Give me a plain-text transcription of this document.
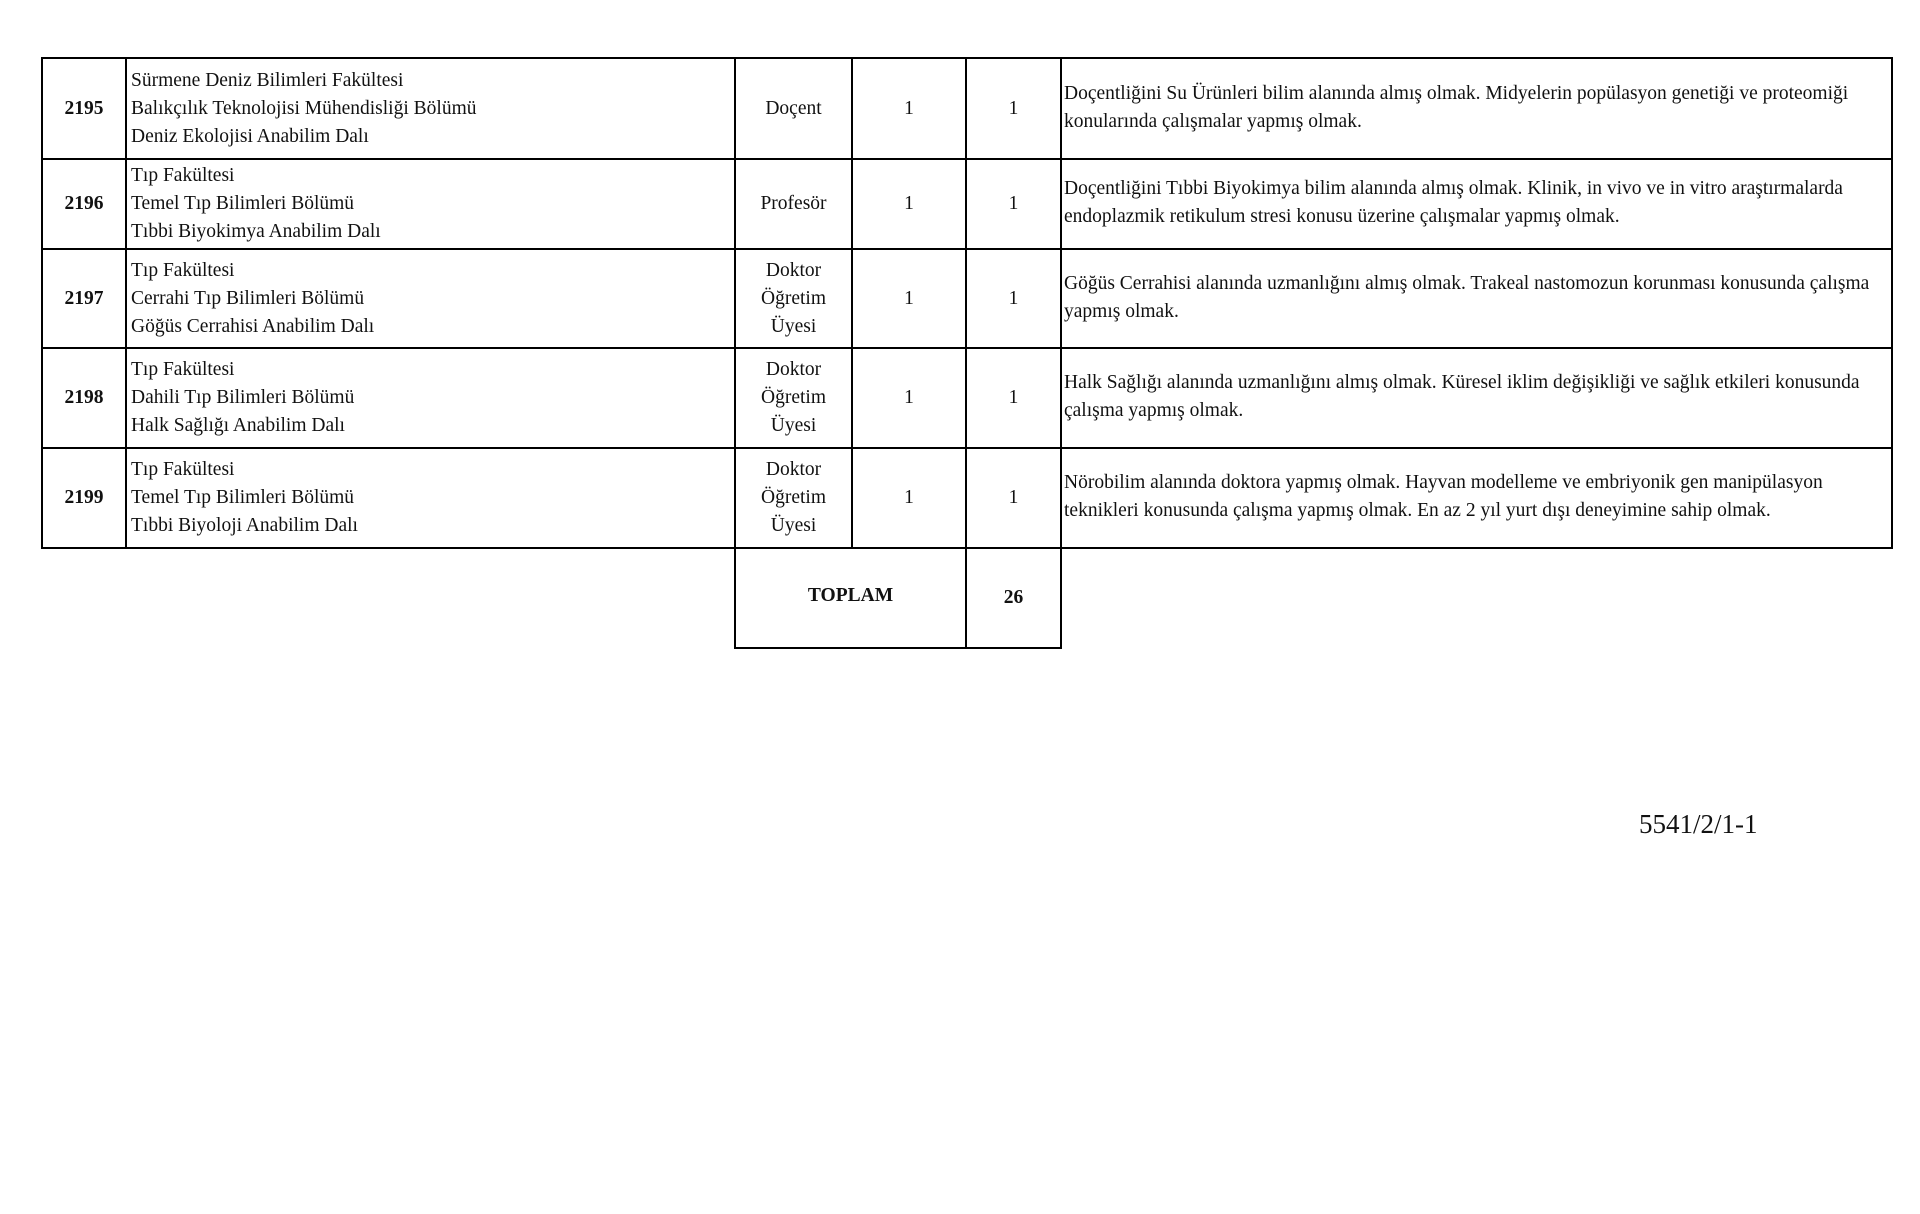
2195	Sürmene Deniz Bilimleri Fakültesi
Balıkçılık Teknolojisi Mühendisliği Bölümü
Deniz Ekolojisi Anabilim Dalı	Doçent	1	1	Doçentliğini Su Ürünleri bilim alanında almış olmak. Midyelerin popülasyon genetiği ve proteomiği konularında çalışmalar yapmış olmak.
2196	Tıp Fakültesi
Temel Tıp Bilimleri Bölümü
Tıbbi Biyokimya Anabilim Dalı	Profesör	1	1	Doçentliğini Tıbbi Biyokimya bilim alanında almış olmak. Klinik, in vivo ve in vitro araştırmalarda endoplazmik retikulum stresi konusu üzerine çalışmalar yapmış olmak.
2197	Tıp Fakültesi
Cerrahi Tıp Bilimleri Bölümü
Göğüs Cerrahisi Anabilim Dalı	Doktor
Öğretim
Üyesi	1	1	Göğüs Cerrahisi alanında uzmanlığını almış olmak. Trakeal nastomozun korunması konusunda çalışma yapmış olmak.
2198	Tıp Fakültesi
Dahili Tıp Bilimleri Bölümü
Halk Sağlığı Anabilim Dalı	Doktor
Öğretim
Üyesi	1	1	Halk Sağlığı alanında uzmanlığını almış olmak. Küresel iklim değişikliği ve sağlık etkileri konusunda çalışma yapmış olmak.
2199	Tıp Fakültesi
Temel Tıp Bilimleri Bölümü
Tıbbi Biyoloji Anabilim Dalı	Doktor
Öğretim
Üyesi	1	1	Nörobilim alanında doktora yapmış olmak. Hayvan modelleme ve embriyonik gen manipülasyon teknikleri konusunda çalışma yapmış olmak. En az 2 yıl yurt dışı deneyimine sahip olmak.
		TOPLAM		26	
5541/2/1-1
